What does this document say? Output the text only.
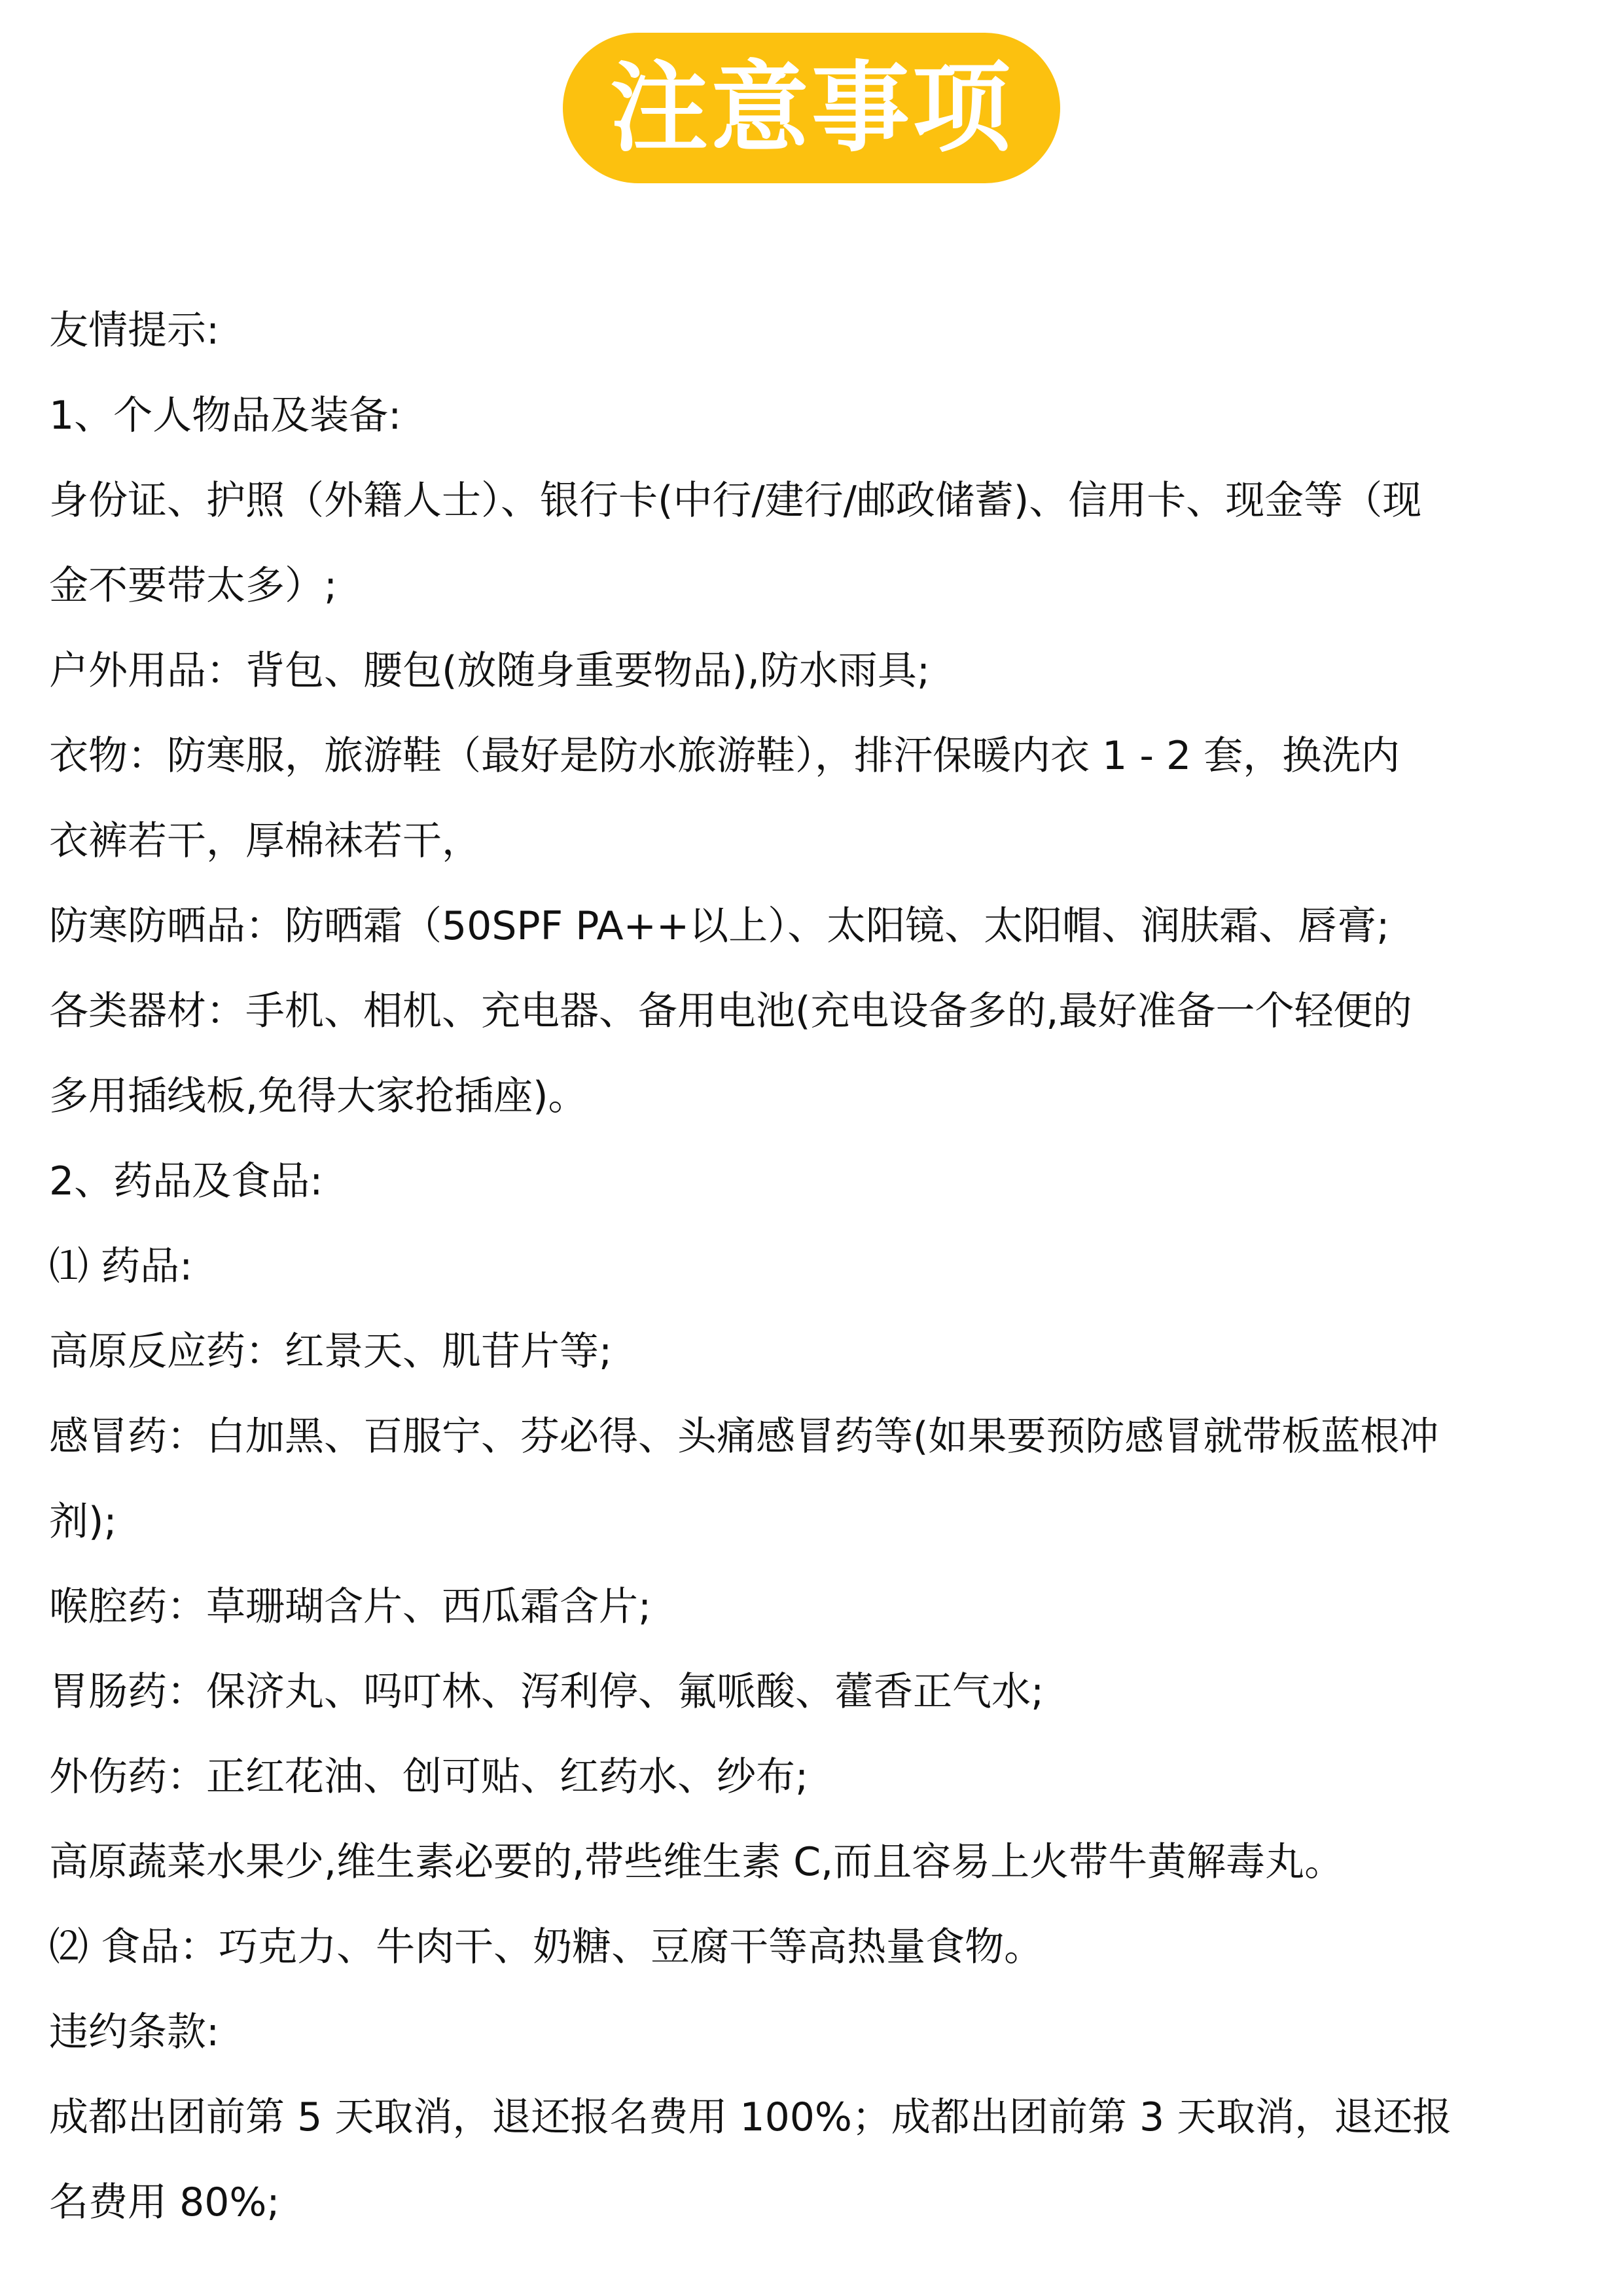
注意事项
友情提示:
1、个人物品及装备:
身份证、护照（外籍人士）、银行卡(中行/建行/邮政储蓄)、信用卡、现金等（现
金不要带太多）;
户外用品：背包、腰包(放随身重要物品),防水雨具;
衣物：防寒服，旅游鞋（最好是防水旅游鞋），排汗保暖内衣 1 - 2 套，换洗内
衣裤若干，厚棉袜若干，
防寒防晒品：防晒霜（50SPF PA++以上）、太阳镜、太阳帽、润肤霜、唇膏;
各类器材：手机、相机、充电器、备用电池(充电设备多的,最好准备一个轻便的
多用插线板,免得大家抢插座)。
2、药品及食品:
⑴ 药品:
高原反应药：红景天、肌苷片等;
感冒药：白加黑、百服宁、芬必得、头痛感冒药等(如果要预防感冒就带板蓝根冲
剂);
喉腔药：草珊瑚含片、西瓜霜含片;
胃肠药：保济丸、吗叮林、泻利停、氟哌酸、藿香正气水;
外伤药：正红花油、创可贴、红药水、纱布;
高原蔬菜水果少,维生素必要的,带些维生素 C,而且容易上火带牛黄解毒丸。
⑵ 食品：巧克力、牛肉干、奶糖、豆腐干等高热量食物。
违约条款:
成都出团前第 5 天取消，退还报名费用 100%；成都出团前第 3 天取消，退还报
名费用 80%;
